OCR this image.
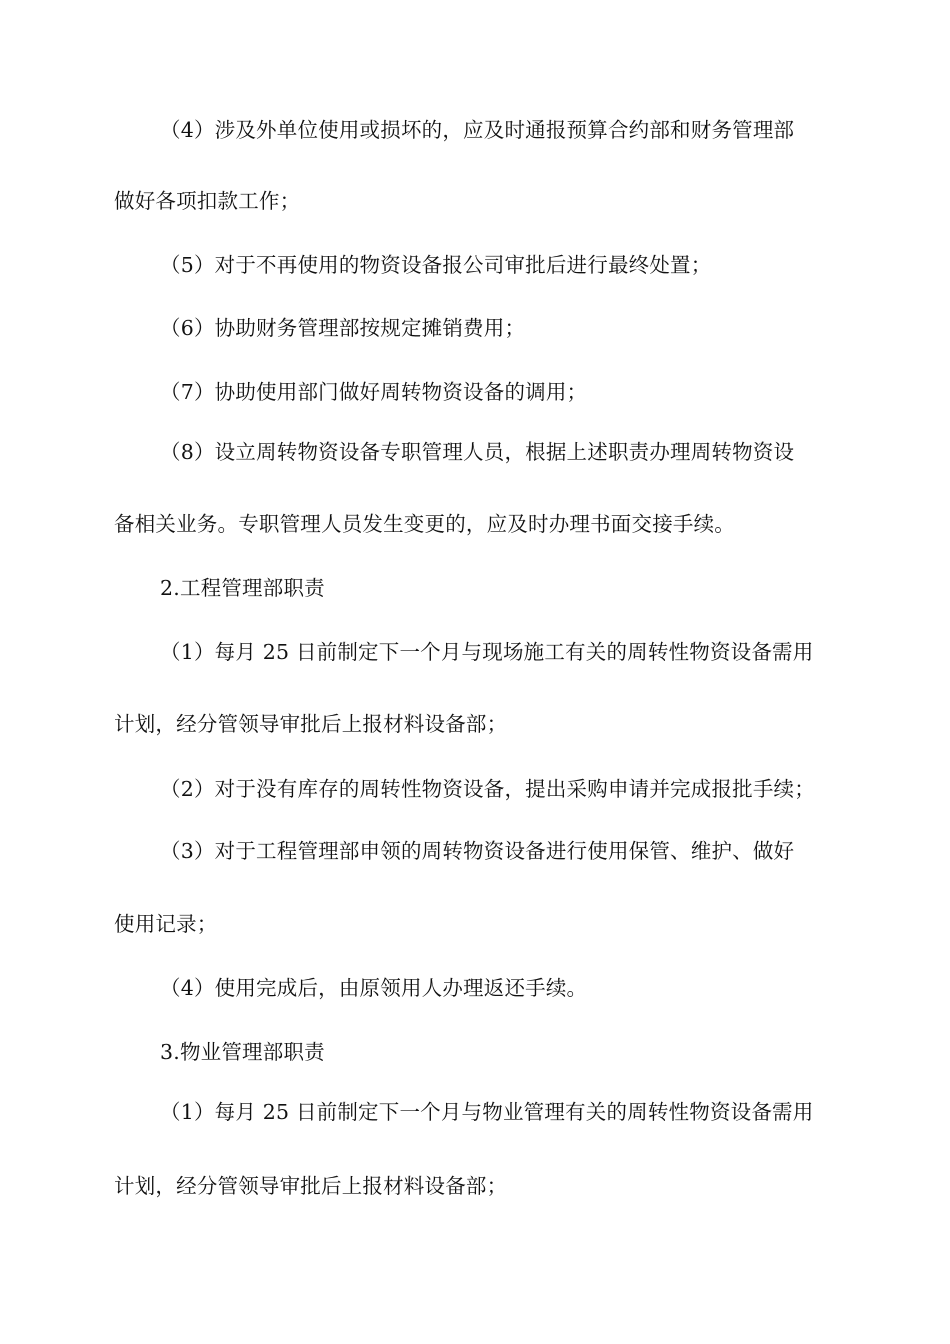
（4）涉及外单位使用或损坏的，应及时通报预算合约部和财务管理部
做好各项扣款工作；
（5）对于不再使用的物资设备报公司审批后进行最终处置；
（6）协助财务管理部按规定摊销费用；
（7）协助使用部门做好周转物资设备的调用；
（8）设立周转物资设备专职管理人员，根据上述职责办理周转物资设
备相关业务。专职管理人员发生变更的，应及时办理书面交接手续。
2.工程管理部职责
（1）每月 25 日前制定下一个月与现场施工有关的周转性物资设备需用
计划，经分管领导审批后上报材料设备部；
（2）对于没有库存的周转性物资设备，提出采购申请并完成报批手续；
（3）对于工程管理部申领的周转物资设备进行使用保管、维护、做好
使用记录；
（4）使用完成后，由原领用人办理返还手续。
3.物业管理部职责
（1）每月 25 日前制定下一个月与物业管理有关的周转性物资设备需用
计划，经分管领导审批后上报材料设备部；
